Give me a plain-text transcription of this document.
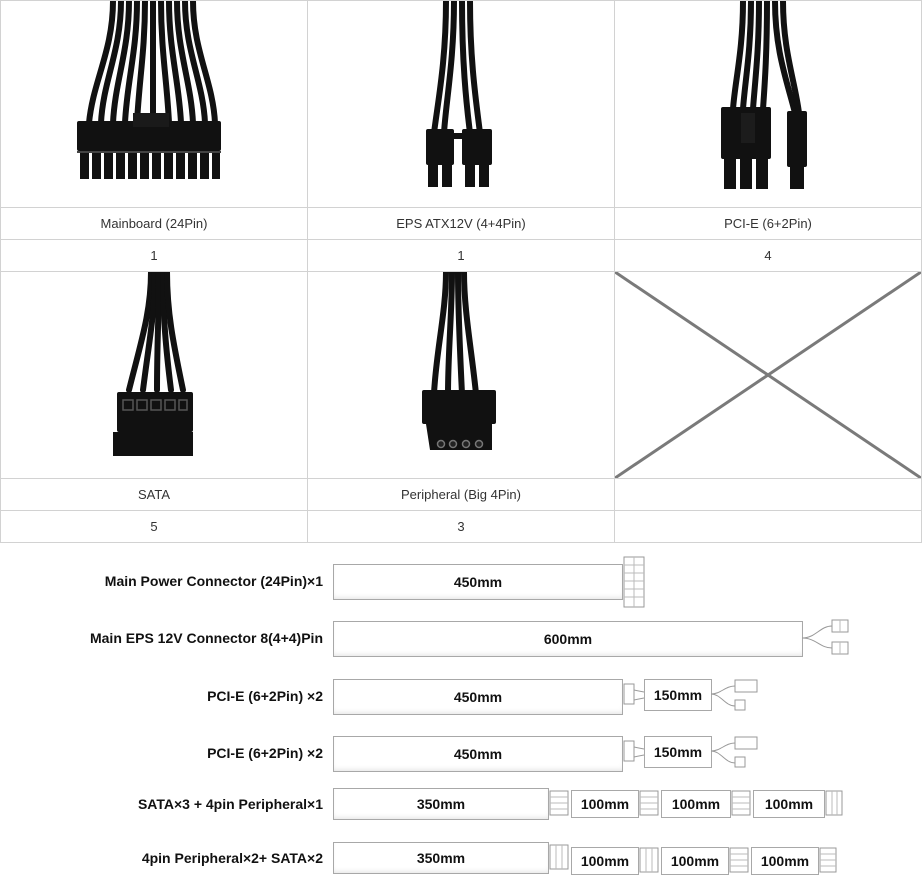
Mainboard (24Pin)	EPS ATX12V (4+4Pin)	PCI-E (6+2Pin)
1	1	4
SATA	Peripheral (Big 4Pin)
5	3
Main Power Connector (24Pin)×1	450mm
Main EPS 12V Connector 8(4+4)Pin	600mm
PCI-E (6+2Pin) ×2	450mm	150mm
PCI-E (6+2Pin) ×2	450mm	150mm
SATA×3 + 4pin Peripheral×1	350mm	100mm	100mm	100mm
4pin Peripheral×2+ SATA×2	350mm	100mm	100mm	100mm
